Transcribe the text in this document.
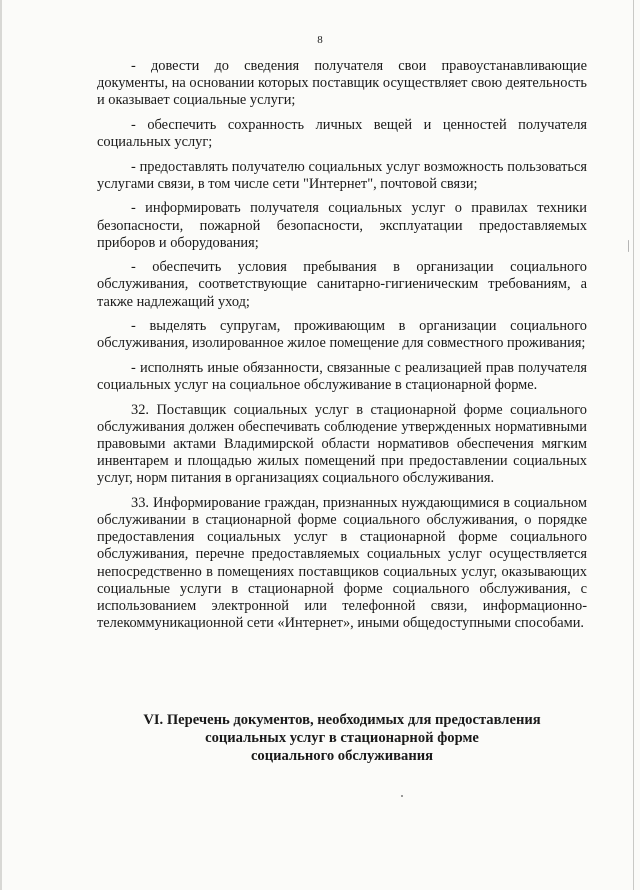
8

- довести до сведения получателя свои правоустанавливающие документы, на основании которых поставщик осуществляет свою деятельность и оказывает социальные услуги;

- обеспечить сохранность личных вещей и ценностей получателя социальных услуг;

- предоставлять получателю социальных услуг возможность пользоваться услугами связи, в том числе сети "Интернет", почтовой связи;

- информировать получателя социальных услуг о правилах техники безопасности, пожарной безопасности, эксплуатации предоставляемых приборов и оборудования;

- обеспечить условия пребывания в организации социального обслуживания, соответствующие санитарно-гигиеническим требованиям, а также надлежащий уход;

- выделять супругам, проживающим в организации социального обслуживания, изолированное жилое помещение для совместного проживания;

- исполнять иные обязанности, связанные с реализацией прав получателя социальных услуг на социальное обслуживание в стационарной форме.

32. Поставщик социальных услуг в стационарной форме социального обслуживания должен обеспечивать соблюдение утвержденных нормативными правовыми актами Владимирской области нормативов обеспечения мягким инвентарем и площадью жилых помещений при предоставлении социальных услуг, норм питания в организациях социального обслуживания.

33. Информирование граждан, признанных нуждающимися в социальном обслуживании в стационарной форме социального обслуживания, о порядке предоставления социальных услуг в стационарной форме социального обслуживания, перечне предоставляемых социальных услуг осуществляется непосредственно в помещениях поставщиков социальных услуг, оказывающих социальные услуги в стационарной форме социального обслуживания, с использованием электронной или телефонной связи, информационно-телекоммуникационной сети «Интернет», иными общедоступными способами.

VI. Перечень документов, необходимых для предоставления
социальных услуг в стационарной форме
социального обслуживания
